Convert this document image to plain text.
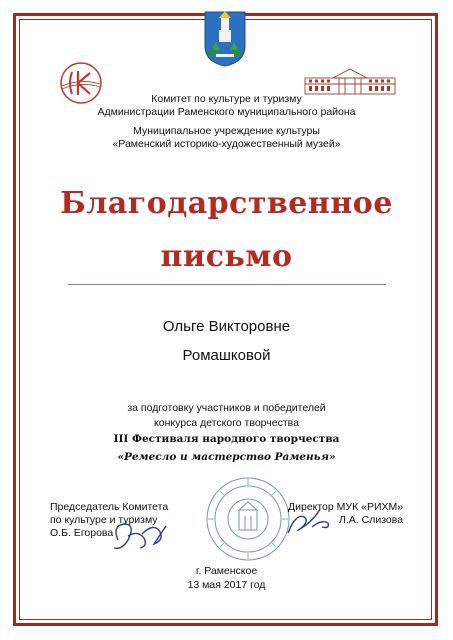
Комитет по культуре и туризму
Администрации Раменского муниципального района
Муниципальное учреждение культуры
«Раменский историко-художественный музей»
Благодарственное
письмо
Ольге Викторовне
Ромашковой
за подготовку участников и победителей
конкурса детского творчества
III Фестиваля народного творчества
«Ремесло и мастерство Раменья»
Председатель Комитета
по культуре и туризму
О.Б. Егорова
Директор МУК «РИХМ»
Л.А. Слизова
г. Раменское
13 мая 2017 год
